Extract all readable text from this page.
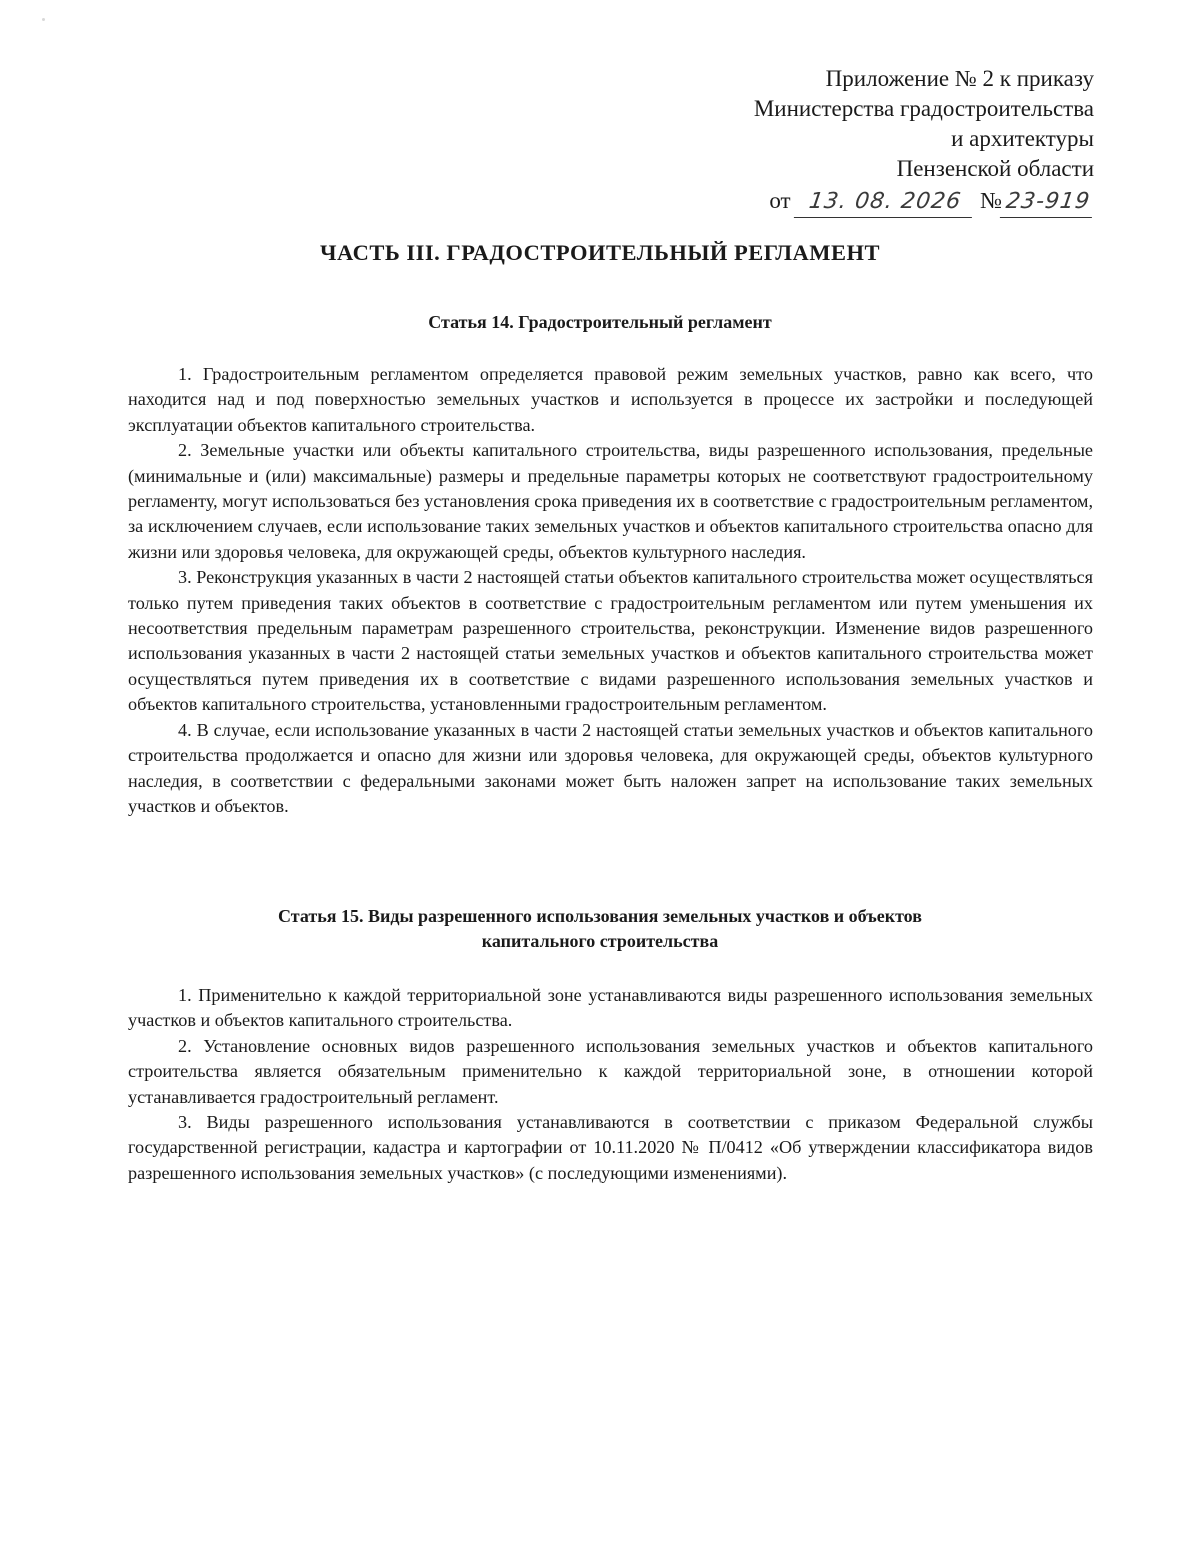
Приложение № 2 к приказу
Министерства градостроительства
и архитектуры
Пензенской области
от 13. 08. 2026 № 23-919
ЧАСТЬ III. ГРАДОСТРОИТЕЛЬНЫЙ РЕГЛАМЕНТ
Статья 14. Градостроительный регламент

1. Градостроительным регламентом определяется правовой режим земельных участков, равно как всего, что находится над и под поверхностью земельных участков и используется в процессе их застройки и последующей эксплуатации объектов капитального строительства.

2. Земельные участки или объекты капитального строительства, виды разрешенного использования, предельные (минимальные и (или) максимальные) размеры и предельные параметры которых не соответствуют градостроительному регламенту, могут использоваться без установления срока приведения их в соответствие с градостроительным регламентом, за исключением случаев, если использование таких земельных участков и объектов капитального строительства опасно для жизни или здоровья человека, для окружающей среды, объектов культурного наследия.

3. Реконструкция указанных в части 2 настоящей статьи объектов капитального строительства может осуществляться только путем приведения таких объектов в соответствие с градостроительным регламентом или путем уменьшения их несоответствия предельным параметрам разрешенного строительства, реконструкции. Изменение видов разрешенного использования указанных в части 2 настоящей статьи земельных участков и объектов капитального строительства может осуществляться путем приведения их в соответствие с видами разрешенного использования земельных участков и объектов капитального строительства, установленными градостроительным регламентом.

4. В случае, если использование указанных в части 2 настоящей статьи земельных участков и объектов капитального строительства продолжается и опасно для жизни или здоровья человека, для окружающей среды, объектов культурного наследия, в соответствии с федеральными законами может быть наложен запрет на использование таких земельных участков и объектов.

Статья 15. Виды разрешенного использования земельных участков и объектов
капитального строительства

1. Применительно к каждой территориальной зоне устанавливаются виды разрешенного использования земельных участков и объектов капитального строительства.

2. Установление основных видов разрешенного использования земельных участков и объектов капитального строительства является обязательным применительно к каждой территориальной зоне, в отношении которой устанавливается градостроительный регламент.

3. Виды разрешенного использования устанавливаются в соответствии с приказом Федеральной службы государственной регистрации, кадастра и картографии от 10.11.2020 № П/0412 «Об утверждении классификатора видов разрешенного использования земельных участков» (с последующими изменениями).
